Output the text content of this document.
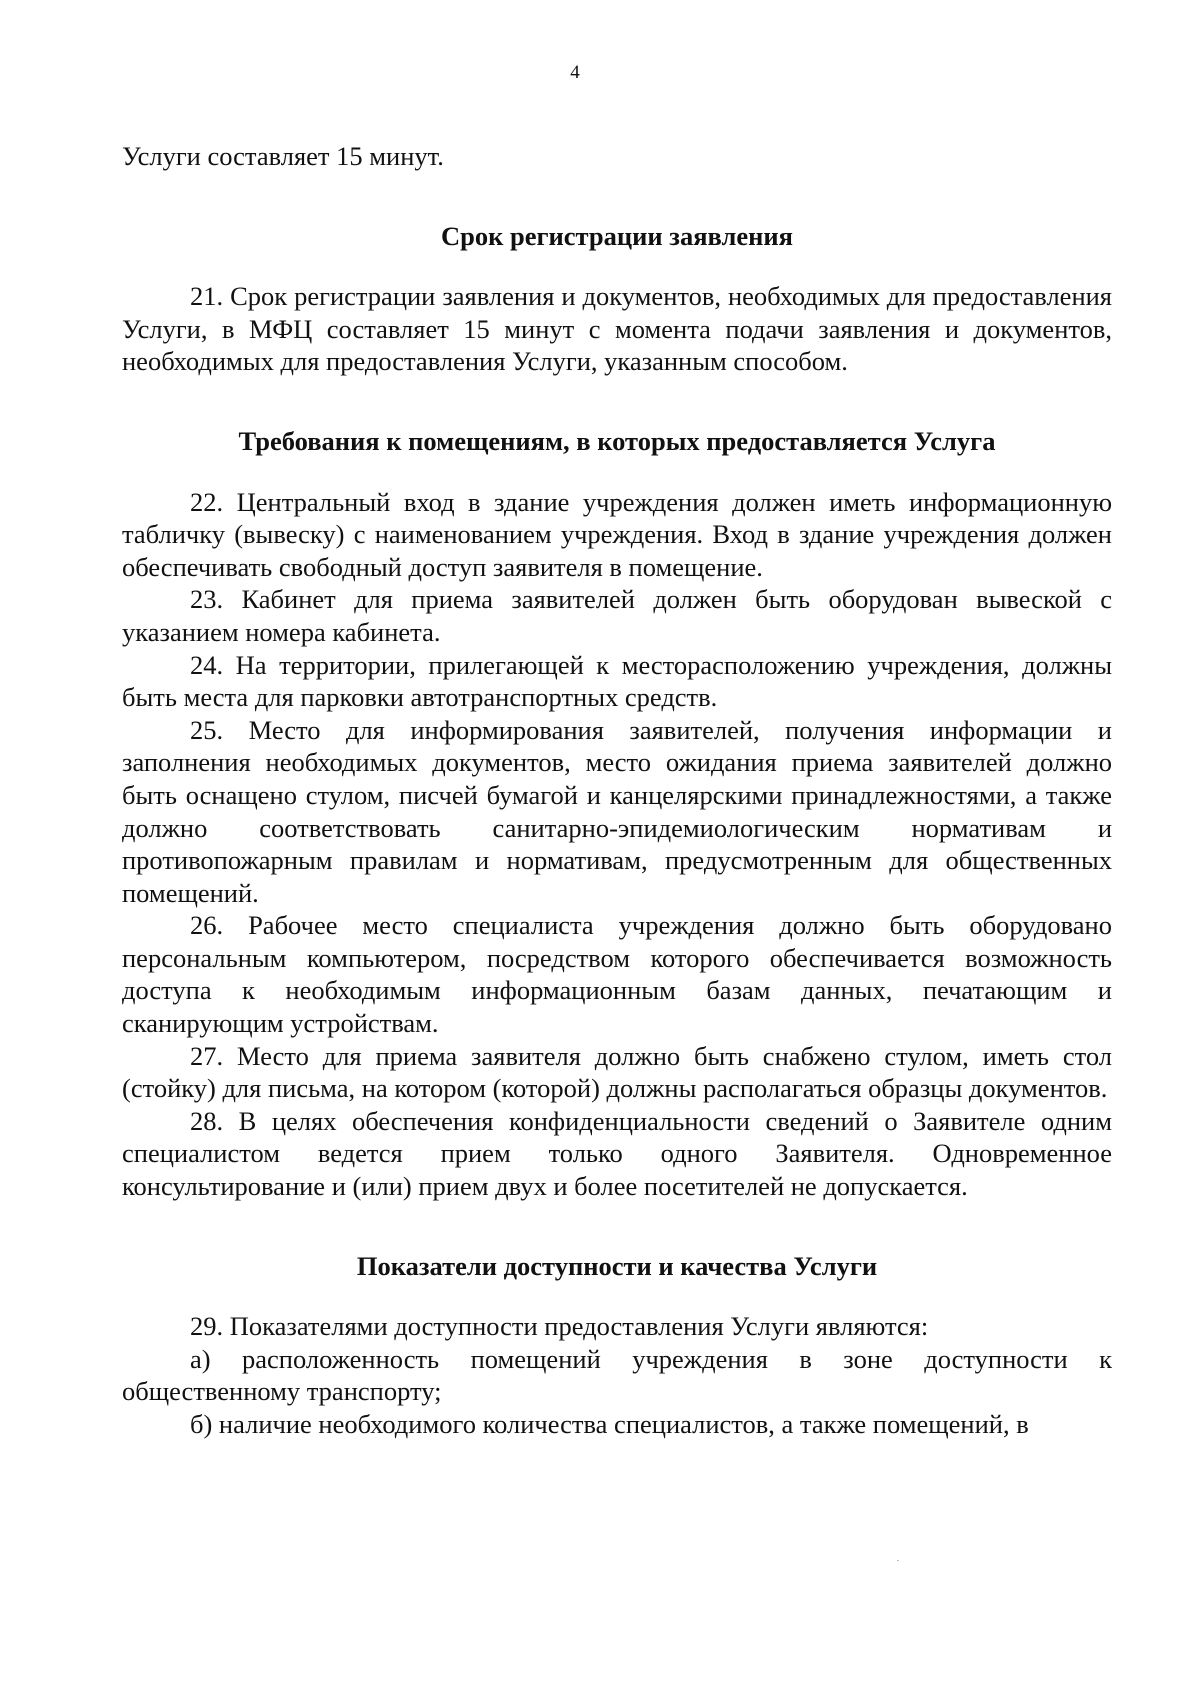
4

Услуги составляет 15 минут.

Срок регистрации заявления

21. Срок регистрации заявления и документов, необходимых для предоставления Услуги, в МФЦ составляет 15 минут с момента подачи заявления и документов, необходимых для предоставления Услуги, указанным способом.

Требования к помещениям, в которых предоставляется Услуга

22. Центральный вход в здание учреждения должен иметь информационную табличку (вывеску) с наименованием учреждения. Вход в здание учреждения должен обеспечивать свободный доступ заявителя в помещение.

23. Кабинет для приема заявителей должен быть оборудован вывеской с указанием номера кабинета.

24. На территории, прилегающей к месторасположению учреждения, должны быть места для парковки автотранспортных средств.

25. Место для информирования заявителей, получения информации и заполнения необходимых документов, место ожидания приема заявителей должно быть оснащено стулом, писчей бумагой и канцелярскими принадлежностями, а также должно соответствовать санитарно-эпидемиологическим нормативам и противопожарным правилам и нормативам, предусмотренным для общественных помещений.

26. Рабочее место специалиста учреждения должно быть оборудовано персональным компьютером, посредством которого обеспечивается возможность доступа к необходимым информационным базам данных, печатающим и сканирующим устройствам.

27. Место для приема заявителя должно быть снабжено стулом, иметь стол (стойку) для письма, на котором (которой) должны располагаться образцы документов.

28. В целях обеспечения конфиденциальности сведений о Заявителе одним специалистом ведется прием только одного Заявителя. Одновременное консультирование и (или) прием двух и более посетителей не допускается.

Показатели доступности и качества Услуги

29. Показателями доступности предоставления Услуги являются:

а) расположенность помещений учреждения в зоне доступности к общественному транспорту;

б) наличие необходимого количества специалистов, а также помещений, в
